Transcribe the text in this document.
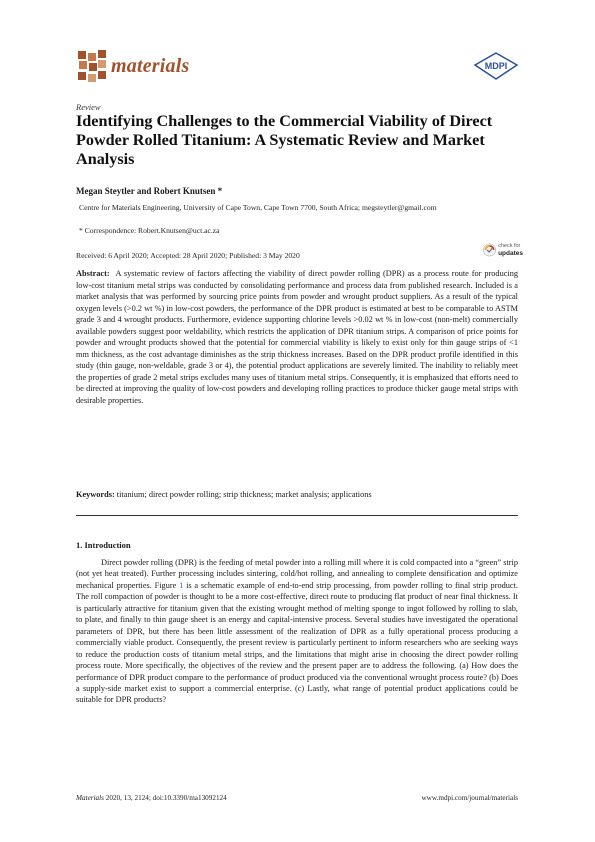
materials	MDPI
Review
Identifying Challenges to the Commercial Viability of Direct Powder Rolled Titanium: A Systematic Review and Market Analysis
Megan Steytler and Robert Knutsen *
Centre for Materials Engineering, University of Cape Town, Cape Town 7700, South Africa; megsteytler@gmail.com
* Correspondence: Robert.Knutsen@uct.ac.za
Received: 6 April 2020; Accepted: 28 April 2020; Published: 3 May 2020
check for
updates
Abstract: A systematic review of factors affecting the viability of direct powder rolling (DPR) as a process route for producing low-cost titanium metal strips was conducted by consolidating performance and process data from published research. Included is a market analysis that was performed by sourcing price points from powder and wrought product suppliers. As a result of the typical oxygen levels (>0.2 wt %) in low-cost powders, the performance of the DPR product is estimated at best to be comparable to ASTM grade 3 and 4 wrought products. Furthermore, evidence supporting chlorine levels >0.02 wt % in low-cost (non-melt) commercially available powders suggest poor weldability, which restricts the application of DPR titanium strips. A comparison of price points for powder and wrought products showed that the potential for commercial viability is likely to exist only for thin gauge strips of <1 mm thickness, as the cost advantage diminishes as the strip thickness increases. Based on the DPR product profile identified in this study (thin gauge, non-weldable, grade 3 or 4), the potential product applications are severely limited. The inability to reliably meet the properties of grade 2 metal strips excludes many uses of titanium metal strips. Consequently, it is emphasized that efforts need to be directed at improving the quality of low-cost powders and developing rolling practices to produce thicker gauge metal strips with desirable properties.
Keywords: titanium; direct powder rolling; strip thickness; market analysis; applications
1. Introduction

Direct powder rolling (DPR) is the feeding of metal powder into a rolling mill where it is cold compacted into a “green” strip (not yet heat treated). Further processing includes sintering, cold/hot rolling, and annealing to complete densification and optimize mechanical properties. Figure 1 is a schematic example of end-to-end strip processing, from powder rolling to final strip product. The roll compaction of powder is thought to be a more cost-effective, direct route to producing flat product of near final thickness. It is particularly attractive for titanium given that the existing wrought method of melting sponge to ingot followed by rolling to slab, to plate, and finally to thin gauge sheet is an energy and capital-intensive process. Several studies have investigated the operational parameters of DPR, but there has been little assessment of the realization of DPR as a fully operational process producing a commercially viable product. Consequently, the present review is particularly pertinent to inform researchers who are seeking ways to reduce the production costs of titanium metal strips, and the limitations that might arise in choosing the direct powder rolling process route. More specifically, the objectives of the review and the present paper are to address the following. (a) How does the performance of DPR product compare to the performance of product produced via the conventional wrought process route? (b) Does a supply-side market exist to support a commercial enterprise. (c) Lastly, what range of potential product applications could be suitable for DPR products?

Materials 2020, 13, 2124; doi:10.3390/ma13092124	www.mdpi.com/journal/materials
